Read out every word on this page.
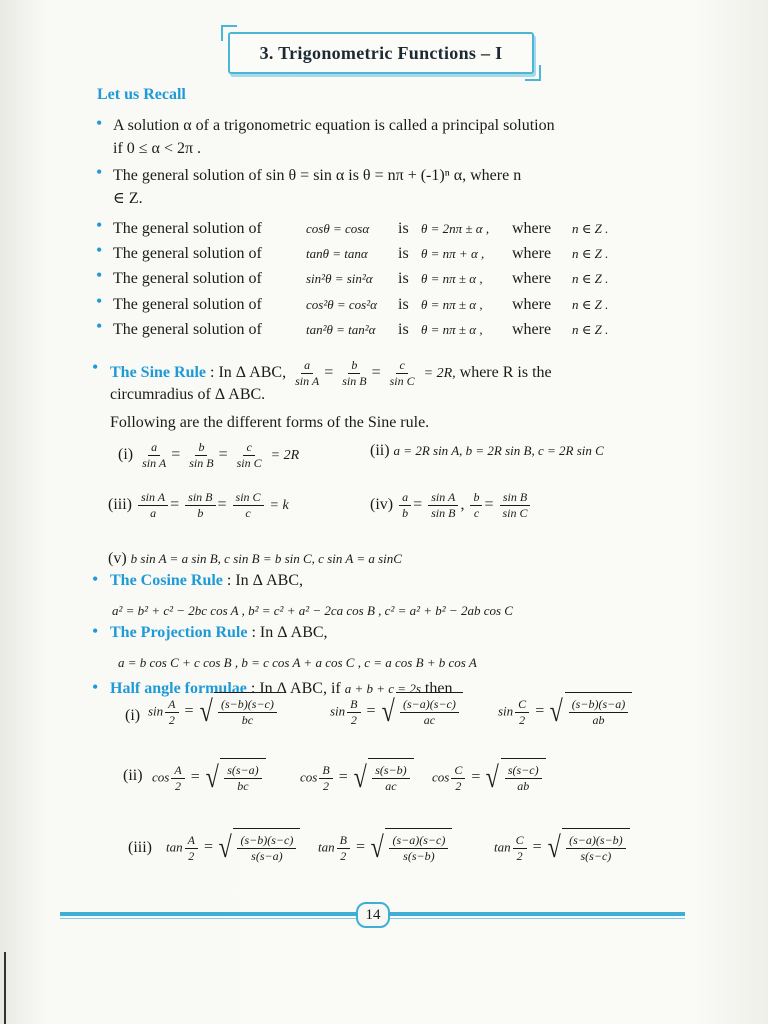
3. Trigonometric Functions – I
Let us Recall
• A solution α of a trigonometric equation is called a principal solution
if 0 ≤ α < 2π .
• The general solution of sin θ = sin α is θ = nπ + (-1)ⁿ α, where n
∈ Z.
• The general solution of	cosθ = cosα is θ = 2nπ ± α , where n ∈ Z .
• The general solution of	tanθ = tanα is θ = nπ + α , where n ∈ Z .
• The general solution of	sin²θ = sin²α is θ = nπ ± α , where n ∈ Z .
• The general solution of	cos²θ = cos²α is θ = nπ ± α , where n ∈ Z .
• The general solution of	tan²θ = tan²α is θ = nπ ± α , where n ∈ Z .
• The Sine Rule : In Δ ABC, $\frac{a}{\text{sin A}} = \frac{b}{\text{sin B}} = \frac{c}{\text{sin C}} = 2R$, where R is the
circumradius of Δ ABC.
Following are the different forms of the Sine rule.
$(i) \frac{a}{\text{sin A}} = \frac{b}{\text{sin B}} = \frac{c}{\text{sin C}} = 2R$	(ii) a = 2R sin A, b = 2R sin B, c = 2R sin C
$(iii) \frac{\text{sin A}}{a} = \frac{\text{sin B}}{b} = \frac{\text{sin C}}{c} = k$	$(iv) \frac{a}{b} = \frac{\text{sin A}}{\text{sin B}}$ , $\frac{b}{c} = \frac{\text{sin B}}{\text{sin C}}$
(v) b sin A = a sin B, c sin B = b sin C, c sin A = a sinC
• The Cosine Rule : In Δ ABC,
a² = b² + c² − 2bc cos A , b² = c² + a² − 2ca cos B , c² = a² + b² − 2ab cos C
• The Projection Rule : In Δ ABC,
a = b cos C + c cos B , b = c cos A + a cos C , c = a cos B + b cos A
• Half angle formulae : In Δ ABC, if a + b + c = 2s then
(i)
(ii)
(iii)
$\sin \frac{A}{2}$ = √ $\frac{(s-b)(s-c)}{bc}$	$\sin \frac{B}{2}$ = √ $\frac{(s-a)(s-c)}{ac}$	$\sin \frac{C}{2}$ = √ $\frac{(s-b)(s-a)}{ab}$
$\cos \frac{A}{2}$ = √ $\frac{s(s-a)}{bc}$	$\cos \frac{B}{2}$ = √ $\frac{s(s-b)}{ac}$ $\cos \frac{C}{2}$ = √ $\frac{s(s-c)}{ab}$
$\tan \frac{A}{2}$ = √ $\frac{(s-b)(s-c)}{s(s-a)}$ $\tan \frac{B}{2}$ = √ $\frac{(s-a)(s-c)}{s(s-b)}$	$\tan \frac{C}{2}$ = √ $\frac{(s-a)(s-b)}{s(s-c)}$
14
